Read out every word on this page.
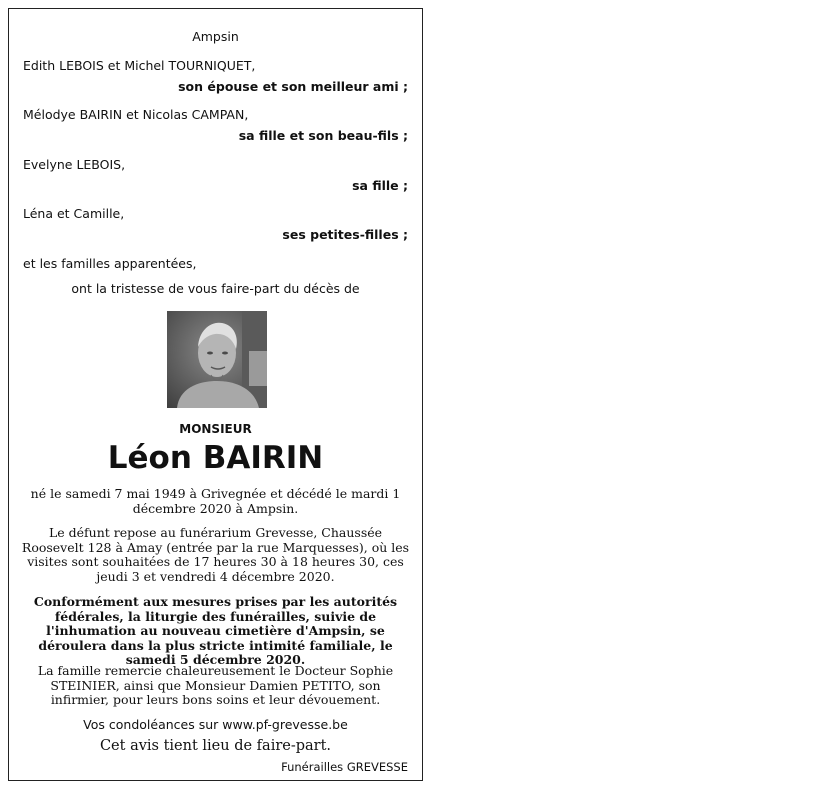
Ampsin
Edith LEBOIS et Michel TOURNIQUET,
son épouse et son meilleur ami ;
Mélodye BAIRIN et Nicolas CAMPAN,
sa fille et son beau-fils ;
Evelyne LEBOIS,
sa fille ;
Léna et Camille,
ses petites-filles ;
et les familles apparentées,
ont la tristesse de vous faire-part du décès de
MONSIEUR
Léon BAIRIN
né le samedi 7 mai 1949 à Grivegnée et décédé le mardi 1 décembre 2020 à Ampsin.
Le défunt repose au funérarium Grevesse, Chaussée Roosevelt 128 à Amay (entrée par la rue Marquesses), où les visites sont souhaitées de 17 heures 30 à 18 heures 30, ces jeudi 3 et vendredi 4 décembre 2020.
Conformément aux mesures prises par les autorités fédérales, la liturgie des funérailles, suivie de l'inhumation au nouveau cimetière d'Ampsin, se déroulera dans la plus stricte intimité familiale, le samedi 5 décembre 2020.
La famille remercie chaleureusement le Docteur Sophie STEINIER, ainsi que Monsieur Damien PETITO, son infirmier, pour leurs bons soins et leur dévouement.
Vos condoléances sur www.pf-grevesse.be
Cet avis tient lieu de faire-part.
Funérailles GREVESSE
